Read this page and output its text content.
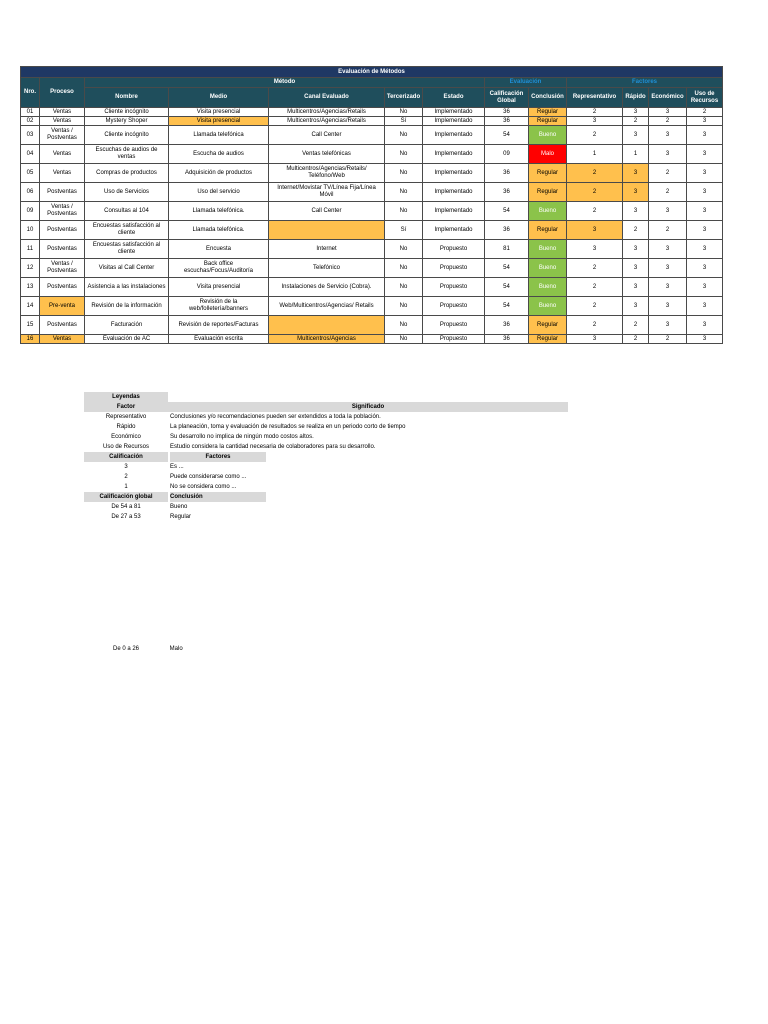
Evaluación de Métodos												
Nro.	Proceso	Método					Evaluación		Factores			
		Nombre	Medio	Canal Evaluado	Tercerizado	Estado	Calificación Global	Conclusión	Representativo	Rápido	Económico	Uso de Recursos
01	Ventas	Cliente incógnito	Visita presencial	Multicentros/Agencias/Retails	No	Implementado	36	Regular	2	3	3	2
02	Ventas	Mystery Shoper	Visita presencial	Multicentros/Agencias/Retails	Sí	Implementado	36	Regular	3	2	2	3
03	Ventas / Postventas	Cliente incógnito	Llamada telefónica	Call Center	No	Implementado	54	Bueno	2	3	3	3
04	Ventas	Escuchas de audios de ventas	Escucha de audios	Ventas telefónicas	No	Implementado	09	Malo	1	1	3	3
05	Ventas	Compras de productos	Adquisición de productos	Multicentros/Agencias/Retails/ Teléfono/Web	No	Implementado	36	Regular	2	3	2	3
06	Postventas	Uso de Servicios	Uso del servicio	Internet/Movistar TV/Línea Fija/Línea Móvil	No	Implementado	36	Regular	2	3	2	3
09	Ventas / Postventas	Consultas al 104	Llamada telefónica.	Call Center	No	Implementado	54	Bueno	2	3	3	3
10	Postventas	Encuestas satisfacción al cliente	Llamada telefónica.		Sí	Implementado	36	Regular	3	2	2	3
11	Postventas	Encuestas satisfacción al cliente	Encuesta	Internet	No	Propuesto	81	Bueno	3	3	3	3
12	Ventas / Postventas	Visitas al Call Center	Back office escuchas/Focus/Auditoría	Telefónico	No	Propuesto	54	Bueno	2	3	3	3
13	Postventas	Asistencia a las instalaciones	Visita presencial	Instalaciones de Servicio (Cobra).	No	Propuesto	54	Bueno	2	3	3	3
14	Pre-venta	Revisión de la información	Revisión de la web/folletería/banners	Web/Multicentros/Agencias/ Retails	No	Propuesto	54	Bueno	2	3	3	3
15	Postventas	Facturación	Revisión de reportes/Facturas		No	Propuesto	36	Regular	2	2	3	3
16	Ventas	Evaluación de AC	Evaluación escrita	Multicentros/Agencias	No	Propuesto	36	Regular	3	2	2	3
Leyendas	
Factor	Significado
Representativo	Conclusiones y/o recomendaciones pueden ser extendidos a toda la población.
Rápido	La planeación, toma y evaluación de resultados se realiza en un periodo corto de tiempo
Económico	Su desarrollo no implica de ningún modo costos altos.
Uso de Recursos	Estudio considera la cantidad necesaria de colaboradores para su desarrollo.
Calificación	Factores
3	Es ...
2	Puede considerarse como ...
1	No se considera como ...
Calificación global	Conclusión
De 54 a 81	Bueno
De 27 a 53	Regular
De 0 a 26	Malo
